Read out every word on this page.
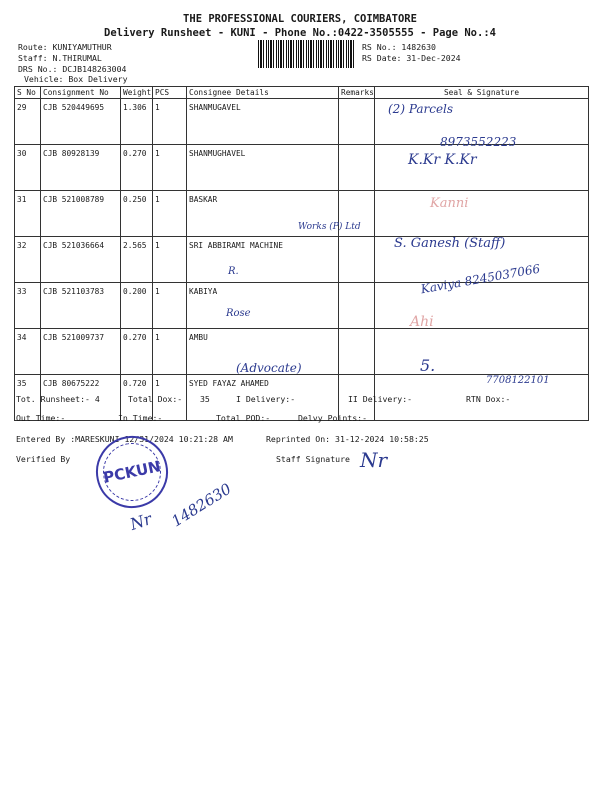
THE PROFESSIONAL COURIERS, COIMBATORE
Delivery Runsheet - KUNI - Phone No.:0422-3505555 - Page No.:4
Route: KUNIYAMUTHUR
Staff: N.THIRUMAL
DRS No.: DCJB148263004
Vehicle: Box Delivery
RS No.: 1482630
RS Date: 31-Dec-2024
S No	Consignment No	Weight	PCS	Consignee Details	Remarks	Seal & Signature
29	CJB 520449695	1.306	1	SHANMUGAVEL		
30	CJB 80928139	0.270	1	SHANMUGHAVEL		
31	CJB 521008789	0.250	1	BASKAR		
32	CJB 521036664	2.565	1	SRI ABBIRAMI MACHINE		
33	CJB 521103783	0.200	1	KABIYA		
34	CJB 521009737	0.270	1	AMBU		
35	CJB 80675222	0.720	1	SYED FAYAZ AHAMED		
(2) Parcels
8973552223
K.Kr K.Kr
Kanni
Works (P) Ltd
S. Ganesh (Staff)
R.	Kaviya 8245037066
Rose
Ahi
(Advocate)	5.
7708122101
Tot. Runsheet:- 4	Total Dox:- 35	I Delivery:-	II Delivery:-	RTN Dox:-
Out Time:-	In Time:-	Total POD:-	Delvy Points:-
Entered By :MARESKUNI 12/31/2024 10:21:28 AM	Reprinted On: 31-12-2024 10:58:25
Verified By	Staff Signature Nr
PCKUN
Nr 1482630
